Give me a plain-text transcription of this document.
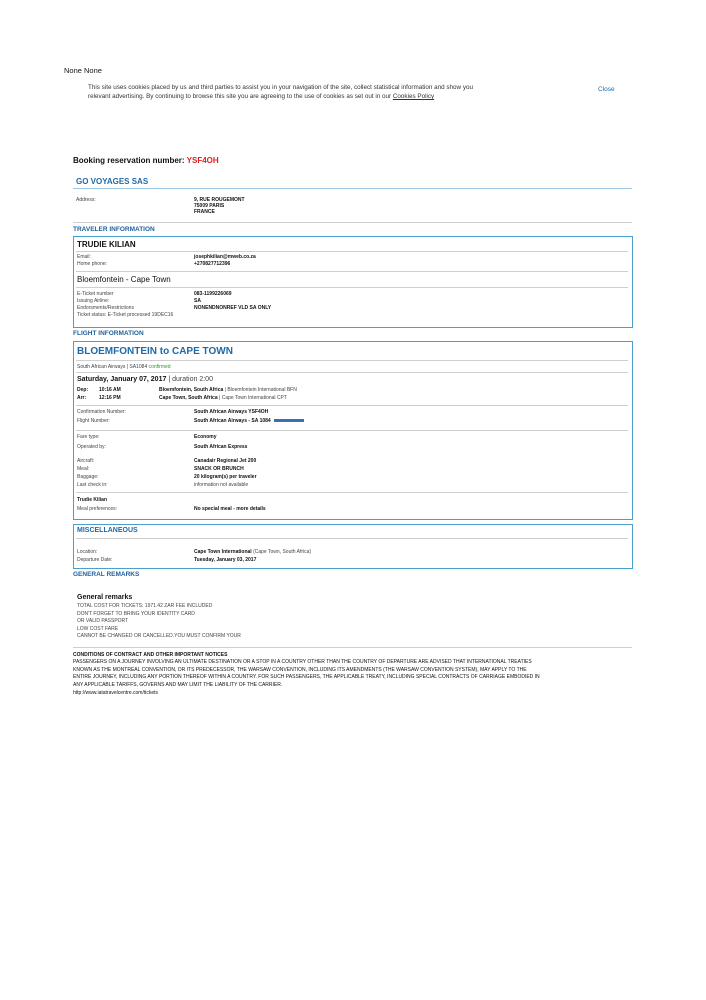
None None
This site uses cookies placed by us and third parties to assist you in your navigation of the site, collect statistical information and show you
relevant advertising. By continuing to browse this site you are agreeing to the use of cookies as set out in our Cookies Policy
Close
Booking reservation number: YSF4OH
GO VOYAGES SAS
Address:	9, RUE ROUGEMONT
75009 PARIS
FRANCE
TRAVELER INFORMATION
TRUDIE KILIAN
Email:	josephkilian@mweb.co.za
Home phone:	+270827712396
Bloemfontein - Cape Town
E-Ticket number	083-1199226069
Issuing Airline:	SA
Endorsments/Restrictions	NONENDNONREF VLD SA ONLY
Ticket status: E-Ticket processed 19DEC16
FLIGHT INFORMATION
BLOEMFONTEIN to CAPE TOWN
South African Airways | SA1084 confirmed
Saturday, January 07, 2017 | duration 2:00
Dep: 10:16 AM	Bloemfontein, South Africa | Bloemfontein International BFN
Arr:	12:16 PM	Cape Town, South Africa | Cape Town International CPT
Confirmation Number:	South African Airways YSF4OH
Flight Number:	South African Airways - SA 1084
Fare type:	Economy
Operated by:	South African Express
Aircraft:	Canadair Regional Jet 200
Meal:	SNACK OR BRUNCH
Baggage:	20 kilogram(s) per traveler
Last check in:	information not available
Trudie Kilian
Meal preferences:	No special meal - more details
MISCELLANEOUS
Location:	Cape Town International (Cape Town, South Africa)
Departure Date:	Tuesday, January 03, 2017
GENERAL REMARKS
General remarks
TOTAL COST FOR TICKETS: 1971.42 ZAR FEE INCLUDED
DON'T FORGET TO BRING YOUR IDENTITY CARD
OR VALID PASSPORT
LOW COST FARE
CANNOT BE CHANGED OR CANCELLED.YOU MUST CONFIRM YOUR
CONDITIONS OF CONTRACT AND OTHER IMPORTANT NOTICES
PASSENGERS ON A JOURNEY INVOLVING AN ULTIMATE DESTINATION OR A STOP IN A COUNTRY OTHER THAN THE COUNTRY OF DEPARTURE ARE ADVISED THAT INTERNATIONAL TREATIES
KNOWN AS THE MONTREAL CONVENTION, OR ITS PREDECESSOR, THE WARSAW CONVENTION, INCLUDING ITS AMENDMENTS (THE WARSAW CONVENTION SYSTEM), MAY APPLY TO THE
ENTIRE JOURNEY, INCLUDING ANY PORTION THEREOF WITHIN A COUNTRY. FOR SUCH PASSENGERS, THE APPLICABLE TREATY, INCLUDING SPECIAL CONTRACTS OF CARRIAGE EMBODIED IN
ANY APPLICABLE TARIFFS, GOVERNS AND MAY LIMIT THE LIABILITY OF THE CARRIER.
http://www.iatatravelcentre.com/tickets
